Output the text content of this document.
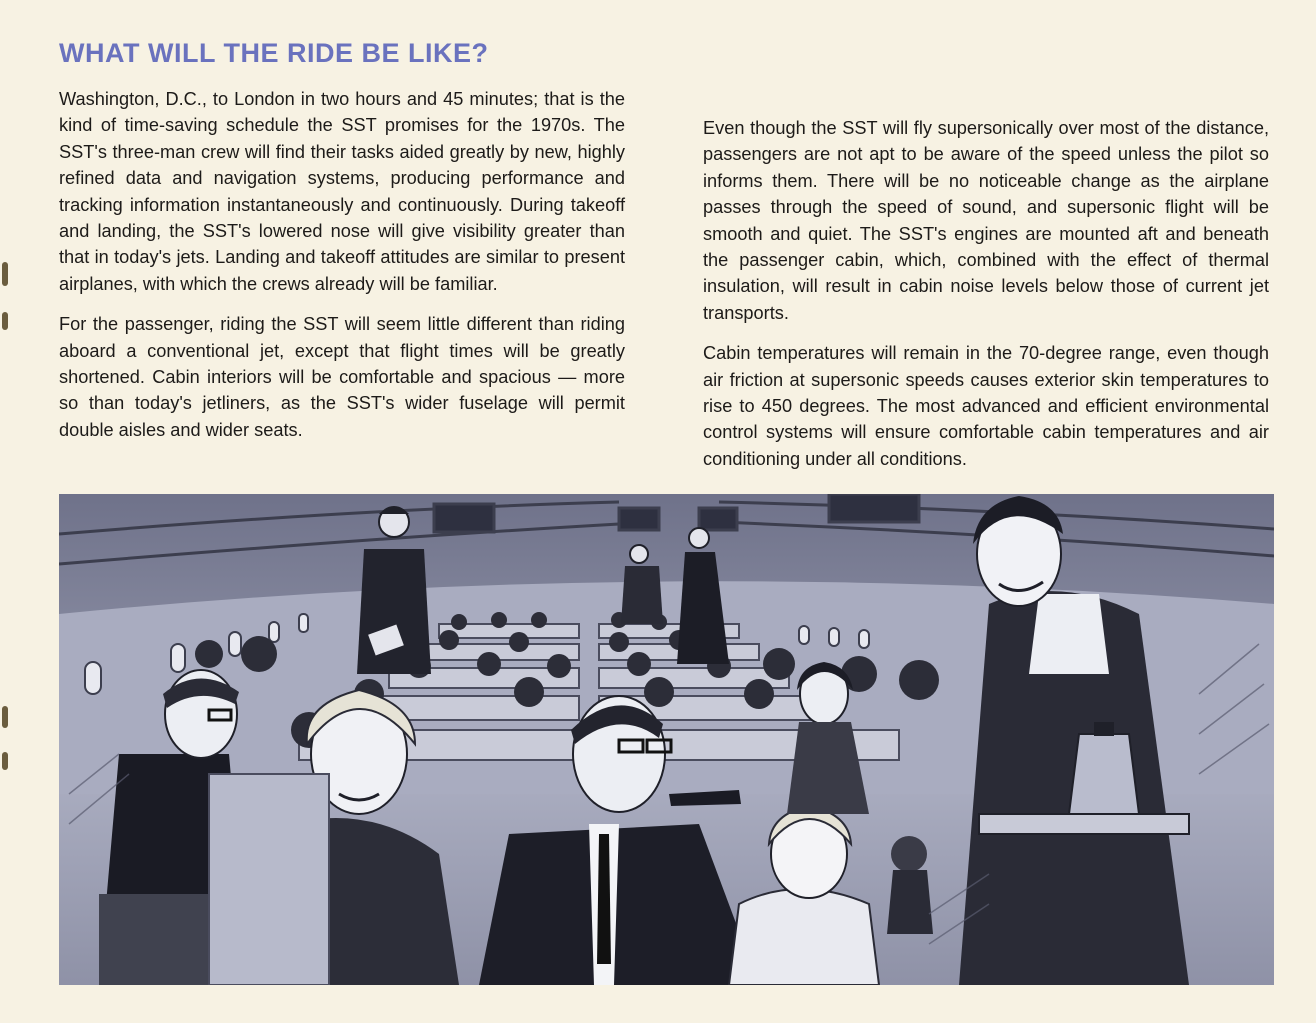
WHAT WILL THE RIDE BE LIKE?

Washington, D.C., to London in two hours and 45 minutes; that is the kind of time-saving schedule the SST promises for the 1970s. The SST's three-man crew will find their tasks aided greatly by new, highly refined data and navigation systems, producing performance and tracking information instantaneously and continuously. During takeoff and landing, the SST's lowered nose will give visibility greater than that in today's jets. Landing and takeoff attitudes are similar to present airplanes, with which the crews already will be familiar.

For the passenger, riding the SST will seem little different than riding aboard a conventional jet, except that flight times will be greatly shortened. Cabin interiors will be comfortable and spacious — more so than today's jetliners, as the SST's wider fuselage will permit double aisles and wider seats.

Even though the SST will fly supersonically over most of the distance, passengers are not apt to be aware of the speed unless the pilot so informs them. There will be no noticeable change as the airplane passes through the speed of sound, and supersonic flight will be smooth and quiet. The SST's engines are mounted aft and beneath the passenger cabin, which, combined with the effect of thermal insulation, will result in cabin noise levels below those of current jet transports.

Cabin temperatures will remain in the 70-degree range, even though air friction at supersonic speeds causes exterior skin temperatures to rise to 450 degrees. The most advanced and efficient environmental control systems will ensure comfortable cabin temperatures and air conditioning under all conditions.
